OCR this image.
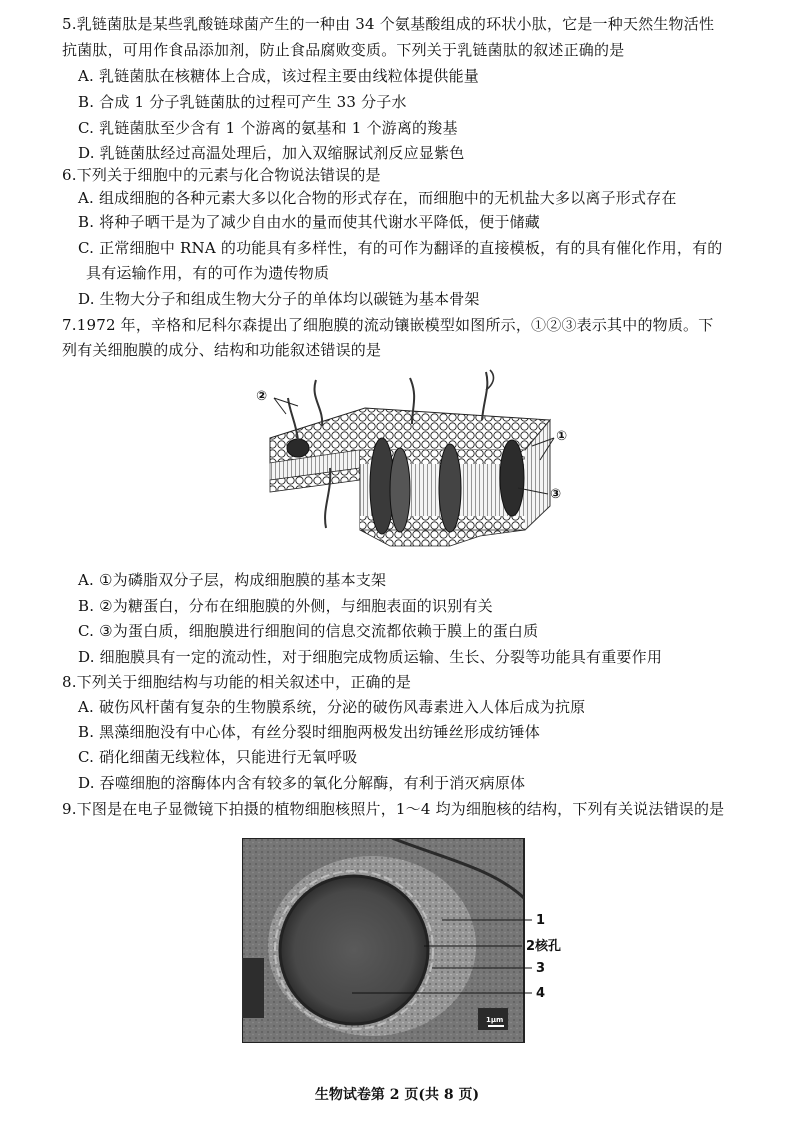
5.乳链菌肽是某些乳酸链球菌产生的一种由 34 个氨基酸组成的环状小肽，它是一种天然生物活性
抗菌肽，可用作食品添加剂，防止食品腐败变质。下列关于乳链菌肽的叙述正确的是
A. 乳链菌肽在核糖体上合成，该过程主要由线粒体提供能量
B. 合成 1 分子乳链菌肽的过程可产生 33 分子水
C. 乳链菌肽至少含有 1 个游离的氨基和 1 个游离的羧基
D. 乳链菌肽经过高温处理后，加入双缩脲试剂反应显紫色
6.下列关于细胞中的元素与化合物说法错误的是
A. 组成细胞的各种元素大多以化合物的形式存在，而细胞中的无机盐大多以离子形式存在
B. 将种子晒干是为了减少自由水的量而使其代谢水平降低，便于储藏
C. 正常细胞中 RNA 的功能具有多样性，有的可作为翻译的直接模板，有的具有催化作用，有的
具有运输作用，有的可作为遗传物质
D. 生物大分子和组成生物大分子的单体均以碳链为基本骨架
7.1972 年，辛格和尼科尔森提出了细胞膜的流动镶嵌模型如图所示，①②③表示其中的物质。下
列有关细胞膜的成分、结构和功能叙述错误的是
②
①
③
A. ①为磷脂双分子层，构成细胞膜的基本支架
B. ②为糖蛋白，分布在细胞膜的外侧，与细胞表面的识别有关
C. ③为蛋白质，细胞膜进行细胞间的信息交流都依赖于膜上的蛋白质
D. 细胞膜具有一定的流动性，对于细胞完成物质运输、生长、分裂等功能具有重要作用
8.下列关于细胞结构与功能的相关叙述中，正确的是
A. 破伤风杆菌有复杂的生物膜系统，分泌的破伤风毒素进入人体后成为抗原
B. 黑藻细胞没有中心体，有丝分裂时细胞两极发出纺锤丝形成纺锤体
C. 硝化细菌无线粒体，只能进行无氧呼吸
D. 吞噬细胞的溶酶体内含有较多的氧化分解酶，有利于消灭病原体
9.下图是在电子显微镜下拍摄的植物细胞核照片，1～4 均为细胞核的结构，下列有关说法错误的是
1
2核孔
3
4
1μm
生物试卷第 2 页(共 8 页)
